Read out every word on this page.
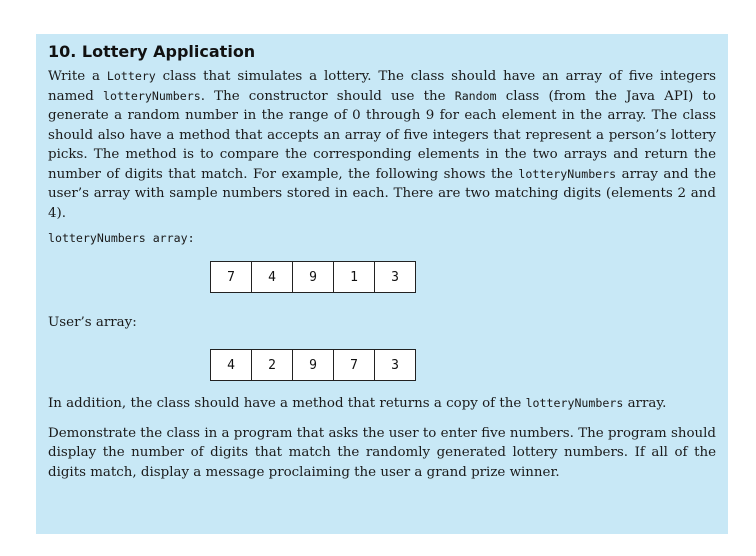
10. Lottery Application

Write a Lottery class that simulates a lottery. The class should have an array of five integers named lotteryNumbers. The constructor should use the Random class (from the Java API) to generate a random number in the range of 0 through 9 for each element in the array. The class should also have a method that accepts an array of five integers that represent a person’s lottery picks. The method is to compare the corresponding elements in the two arrays and return the number of digits that match. For example, the following shows the lotteryNumbers array and the user’s array with sample numbers stored in each. There are two matching digits (elements 2 and 4).

lotteryNumbers array:

7	4	9	1	3

User’s array:

4	2	9	7	3

In addition, the class should have a method that returns a copy of the lotteryNumbers array.

Demonstrate the class in a program that asks the user to enter five numbers. The program should display the number of digits that match the randomly generated lottery numbers. If all of the digits match, display a message proclaiming the user a grand prize winner.
